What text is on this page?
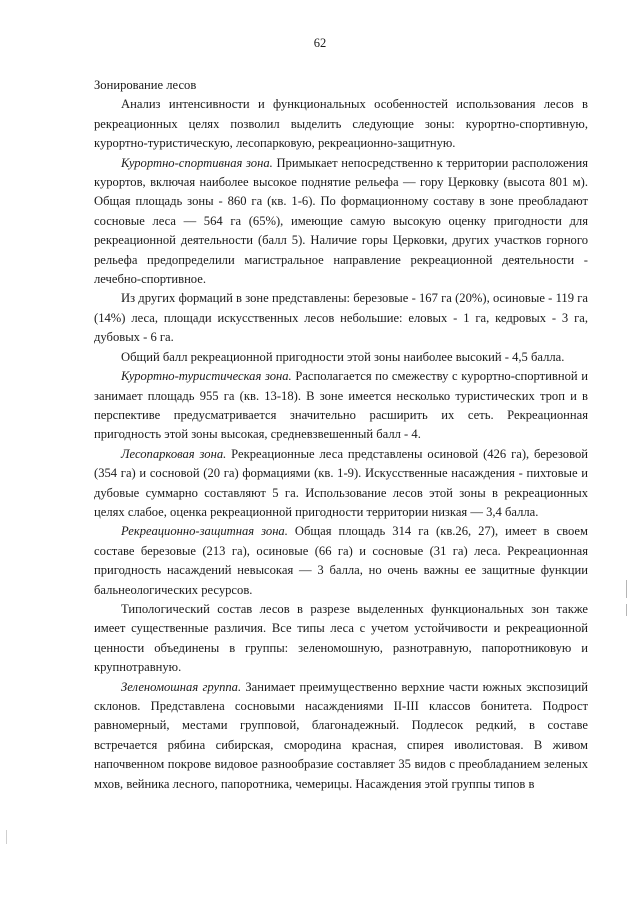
62

Зонирование лесов

Анализ интенсивности и функциональных особенностей использования лесов в рекреационных целях позволил выделить следующие зоны: курортно-спортивную, курортно-туристическую, лесопарковую, рекреационно-защитную.

Курортно-спортивная зона. Примыкает непосредственно к территории расположения курортов, включая наиболее высокое поднятие рельефа — гору Церковку (высота 801 м). Общая площадь зоны - 860 га (кв. 1-6). По формационному составу в зоне преобладают сосновые леса — 564 га (65%), имеющие самую высокую оценку пригодности для рекреационной деятельности (балл 5). Наличие горы Церковки, других участков горного рельефа предопределили магистральное направление рекреационной деятельности - лечебно-спортивное.

Из других формаций в зоне представлены: березовые - 167 га (20%), осиновые - 119 га (14%) леса, площади искусственных лесов небольшие: еловых - 1 га, кедровых - 3 га, дубовых - 6 га.

Общий балл рекреационной пригодности этой зоны наиболее высокий - 4,5 балла.

Курортно-туристическая зона. Располагается по смежеству с курортно-спортивной и занимает площадь 955 га (кв. 13-18). В зоне имеется несколько туристических троп и в перспективе предусматривается значительно расширить их сеть. Рекреационная пригодность этой зоны высокая, средневзвешенный балл - 4.

Лесопарковая зона. Рекреационные леса представлены осиновой (426 га), березовой (354 га) и сосновой (20 га) формациями (кв. 1-9). Искусственные насаждения - пихтовые и дубовые суммарно составляют 5 га. Использование лесов этой зоны в рекреационных целях слабое, оценка рекреационной пригодности территории низкая — 3,4 балла.

Рекреационно-защитная зона. Общая площадь 314 га (кв.26, 27), имеет в своем составе березовые (213 га), осиновые (66 га) и сосновые (31 га) леса. Рекреационная пригодность насаждений невысокая — 3 балла, но очень важны ее защитные функции бальнеологических ресурсов.

Типологический состав лесов в разрезе выделенных функциональных зон также имеет существенные различия. Все типы леса с учетом устойчивости и рекреационной ценности объединены в группы: зеленомошную, разнотравную, папоротниковую и крупнотравную.

Зеленомошная группа. Занимает преимущественно верхние части южных экспозиций склонов. Представлена сосновыми насаждениями II-III классов бонитета. Подрост равномерный, местами групповой, благонадежный. Подлесок редкий, в составе встречается рябина сибирская, смородина красная, спирея иволистовая. В живом напочвенном покрове видовое разнообразие составляет 35 видов с преобладанием зеленых мхов, вейника лесного, папоротника, чемерицы. Насаждения этой группы типов в
